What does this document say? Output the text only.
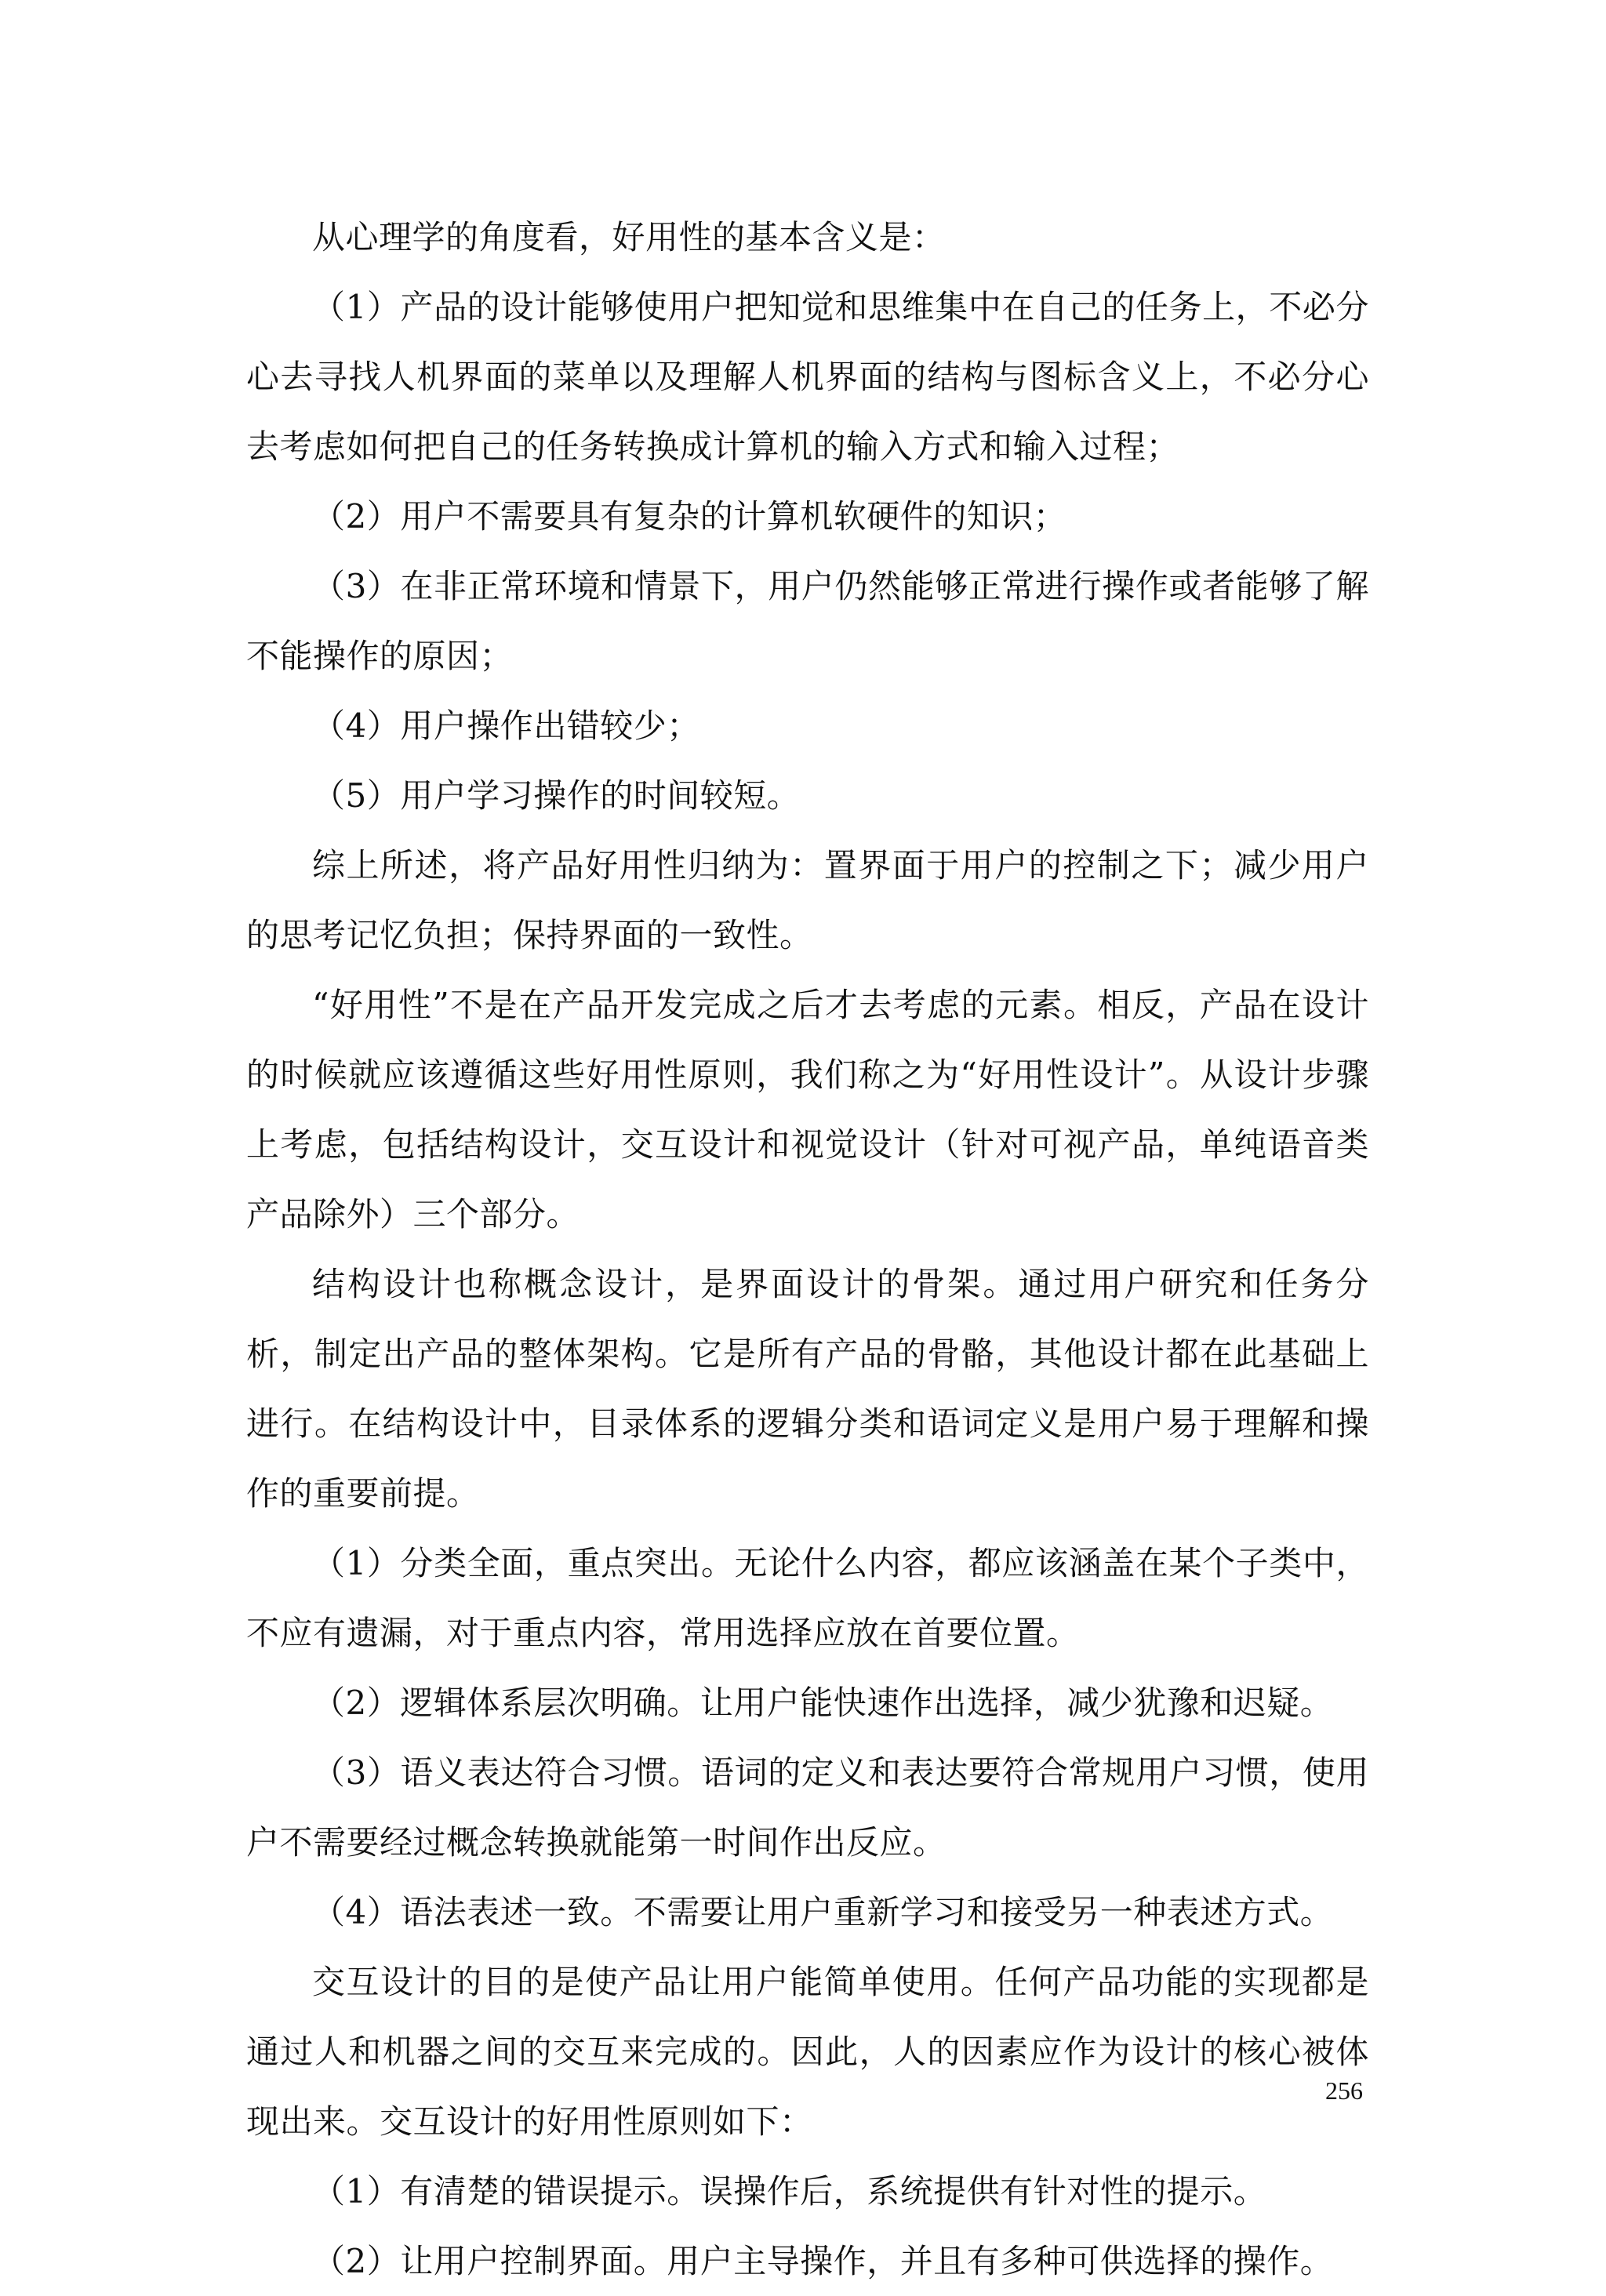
从心理学的角度看，好用性的基本含义是：

（1）产品的设计能够使用户把知觉和思维集中在自己的任务上，不必分心去寻找人机界面的菜单以及理解人机界面的结构与图标含义上，不必分心去考虑如何把自己的任务转换成计算机的输入方式和输入过程；

（2）用户不需要具有复杂的计算机软硬件的知识；

（3）在非正常环境和情景下，用户仍然能够正常进行操作或者能够了解不能操作的原因；

（4）用户操作出错较少；

（5）用户学习操作的时间较短。

综上所述，将产品好用性归纳为：置界面于用户的控制之下；减少用户的思考记忆负担；保持界面的一致性。

“好用性”不是在产品开发完成之后才去考虑的元素。相反，产品在设计的时候就应该遵循这些好用性原则，我们称之为“好用性设计”。从设计步骤上考虑，包括结构设计，交互设计和视觉设计（针对可视产品，单纯语音类产品除外）三个部分。

结构设计也称概念设计，是界面设计的骨架。通过用户研究和任务分析，制定出产品的整体架构。它是所有产品的骨骼，其他设计都在此基础上进行。在结构设计中，目录体系的逻辑分类和语词定义是用户易于理解和操作的重要前提。

（1）分类全面，重点突出。无论什么内容，都应该涵盖在某个子类中，不应有遗漏，对于重点内容，常用选择应放在首要位置。

（2）逻辑体系层次明确。让用户能快速作出选择，减少犹豫和迟疑。

（3）语义表达符合习惯。语词的定义和表达要符合常规用户习惯，使用户不需要经过概念转换就能第一时间作出反应。

（4）语法表述一致。不需要让用户重新学习和接受另一种表述方式。

交互设计的目的是使产品让用户能简单使用。任何产品功能的实现都是通过人和机器之间的交互来完成的。因此，人的因素应作为设计的核心被体现出来。交互设计的好用性原则如下：

（1）有清楚的错误提示。误操作后，系统提供有针对性的提示。

（2）让用户控制界面。用户主导操作，并且有多种可供选择的操作。

256
